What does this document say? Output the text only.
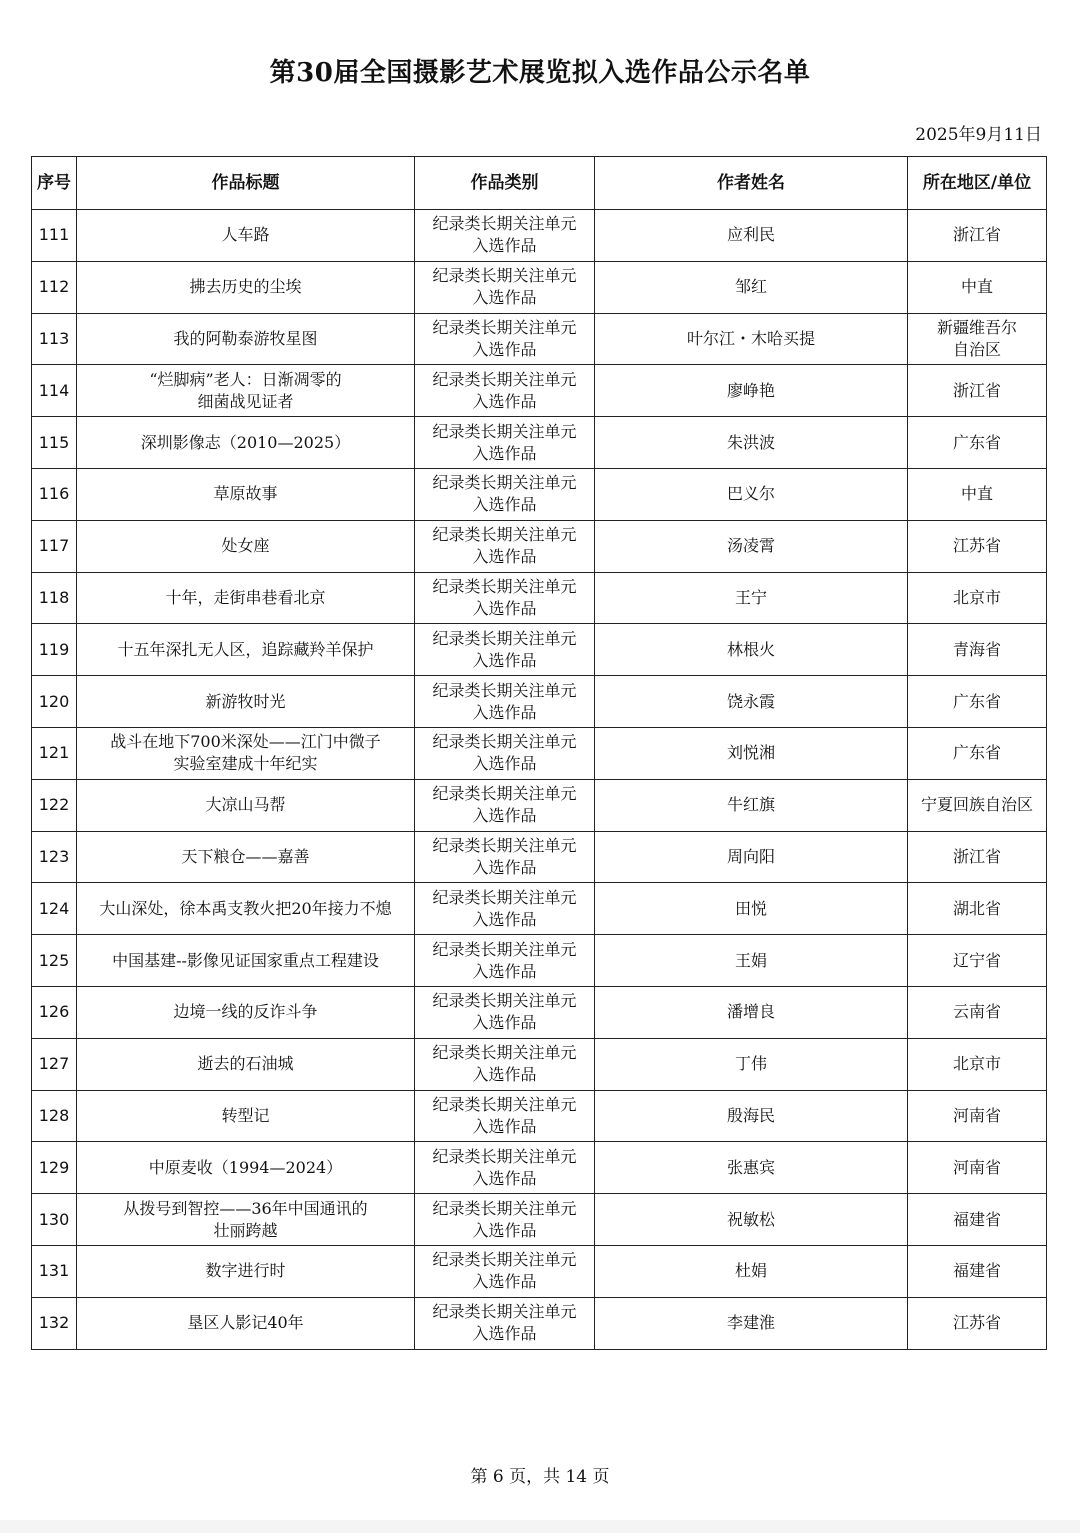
第30届全国摄影艺术展览拟入选作品公示名单
2025年9月11日
序号	作品标题	作品类别	作者姓名	所在地区/单位
111	人车路	纪录类长期关注单元
入选作品	应利民	浙江省

112	拂去历史的尘埃	纪录类长期关注单元
入选作品	邹红	中直

113	我的阿勒泰游牧星图	纪录类长期关注单元
入选作品	叶尔江・木哈买提	新疆维吾尔
自治区

114	“烂脚病”老人：日渐凋零的
细菌战见证者	纪录类长期关注单元
入选作品	廖峥艳	浙江省

115	深圳影像志（2010—2025）	纪录类长期关注单元
入选作品	朱洪波	广东省

116	草原故事	纪录类长期关注单元
入选作品	巴义尔	中直

117	处女座	纪录类长期关注单元
入选作品	汤凌霄	江苏省

118	十年，走街串巷看北京	纪录类长期关注单元
入选作品	王宁	北京市

119	十五年深扎无人区，追踪藏羚羊保护	纪录类长期关注单元
入选作品	林根火	青海省

120	新游牧时光	纪录类长期关注单元
入选作品	饶永霞	广东省

121	战斗在地下700米深处——江门中微子
实验室建成十年纪实	纪录类长期关注单元
入选作品	刘悦湘	广东省

122	大凉山马帮	纪录类长期关注单元
入选作品	牛红旗	宁夏回族自治区

123	天下粮仓——嘉善	纪录类长期关注单元
入选作品	周向阳	浙江省

124	大山深处，徐本禹支教火把20年接力不熄	纪录类长期关注单元
入选作品	田悦	湖北省

125	中国基建--影像见证国家重点工程建设	纪录类长期关注单元
入选作品	王娟	辽宁省

126	边境一线的反诈斗争	纪录类长期关注单元
入选作品	潘增良	云南省

127	逝去的石油城	纪录类长期关注单元
入选作品	丁伟	北京市

128	转型记	纪录类长期关注单元
入选作品	殷海民	河南省

129	中原麦收（1994—2024）	纪录类长期关注单元
入选作品	张惠宾	河南省

130	从拨号到智控——36年中国通讯的
壮丽跨越	纪录类长期关注单元
入选作品	祝敏松	福建省

131	数字进行时	纪录类长期关注单元
入选作品	杜娟	福建省

132	垦区人影记40年	纪录类长期关注单元
入选作品	李建淮	江苏省
第 6 页，共 14 页
